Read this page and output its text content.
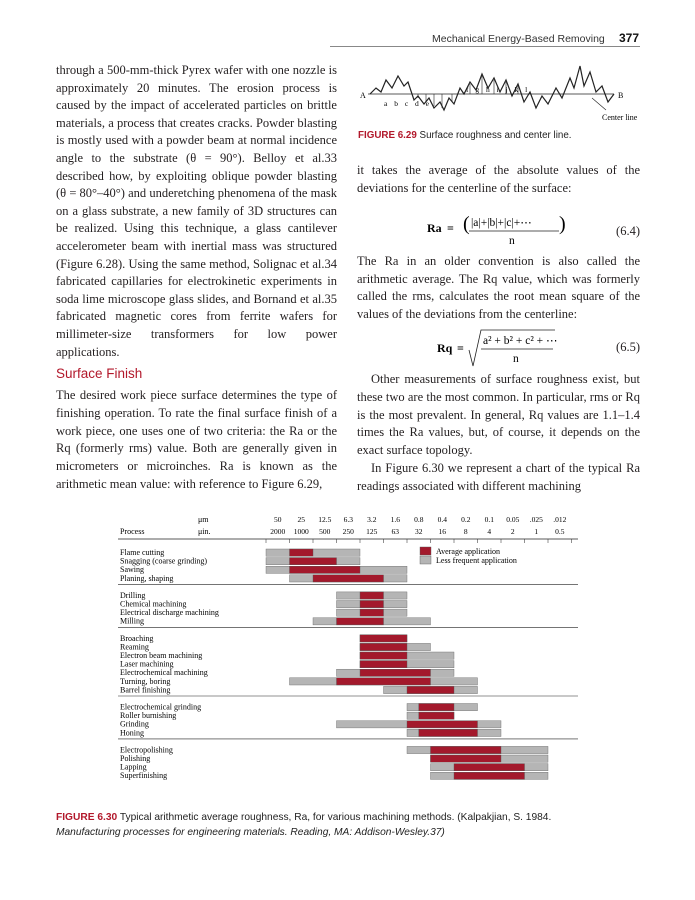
Mechanical Energy-Based Removing 377

through a 500-mm-thick Pyrex wafer with one nozzle is approximately 20 minutes. The erosion process is caused by the impact of accelerated particles on brittle materials, a process that creates cracks. Powder blasting is mostly used with a powder beam at normal incidence angle to the substrate (θ = 90°). Belloy et al.33 described how, by exploiting oblique powder blasting (θ = 80°–40°) and underetching phenomena of the mask on a glass substrate, a new family of 3D structures can be realized. Using this technique, a glass cantilever accelerometer beam with inertial mass was structured (Figure 6.28). Using the same method, Solignac et al.34 fabricated capillaries for electrokinetic experiments in soda lime microscope glass slides, and Bornand et al.35 fabricated magnetic cores from ferrite wafers for millimeter-size transformers for low power applications.

Surface Finish

The desired work piece surface determines the type of finishing operation. To rate the final surface finish of a work piece, one uses one of two criteria: the Ra or the Rq (formerly rms) value. Both are generally given in micrometers or microinches. Ra is known as the arithmetic mean value: with reference to Figure 6.29,

A	B
a b c d e
f g h i j k l
Center line
FIGURE 6.29 Surface roughness and center line.

it takes the average of the absolute values of the deviations for the centerline of the surface:

Ra = ( |a|+|b|+|c|+⋯
n
)	(6.4)

The Ra in an older convention is also called the arithmetic average. The Rq value, which was formerly called the rms, calculates the root mean square of the values of the deviations from the centerline:

Rq = a² + b² + c² + ⋯
n
(6.5)

Other measurements of surface roughness exist, but these two are the most common. In particular, rms or Rq is the most prevalent. In general, Rq values are 1.1–1.4 times the Ra values, but, of course, it depends on the exact surface topology.

In Figure 6.30 we represent a chart of the typical Ra readings associated with different machining

μm
μin.
Process
50 25 12.5 6.3 3.2 1.6 0.8 0.4 0.2 0.1 0.05 .025 .012
2000 1000 500 250 125 63 32 16 8	4	2	1 0.5
Average application
Less frequent application
Flame cutting
Snagging (coarse grinding)
Sawing
Planing, shaping
Drilling
Chemical machining
Electrical discharge machining
Milling
Broaching
Reaming
Electron beam machining
Laser machining
Electrochemical machining
Turning, boring
Barrel finishing
Electrochemical grinding
Roller burnishing
Grinding
Honing
Electropolishing
Polishing
Lapping
Superfinishing
FIGURE 6.30 Typical arithmetic average roughness, Ra, for various machining methods. (Kalpakjian, S. 1984.
Manufacturing processes for engineering materials. Reading, MA: Addison-Wesley.37)
